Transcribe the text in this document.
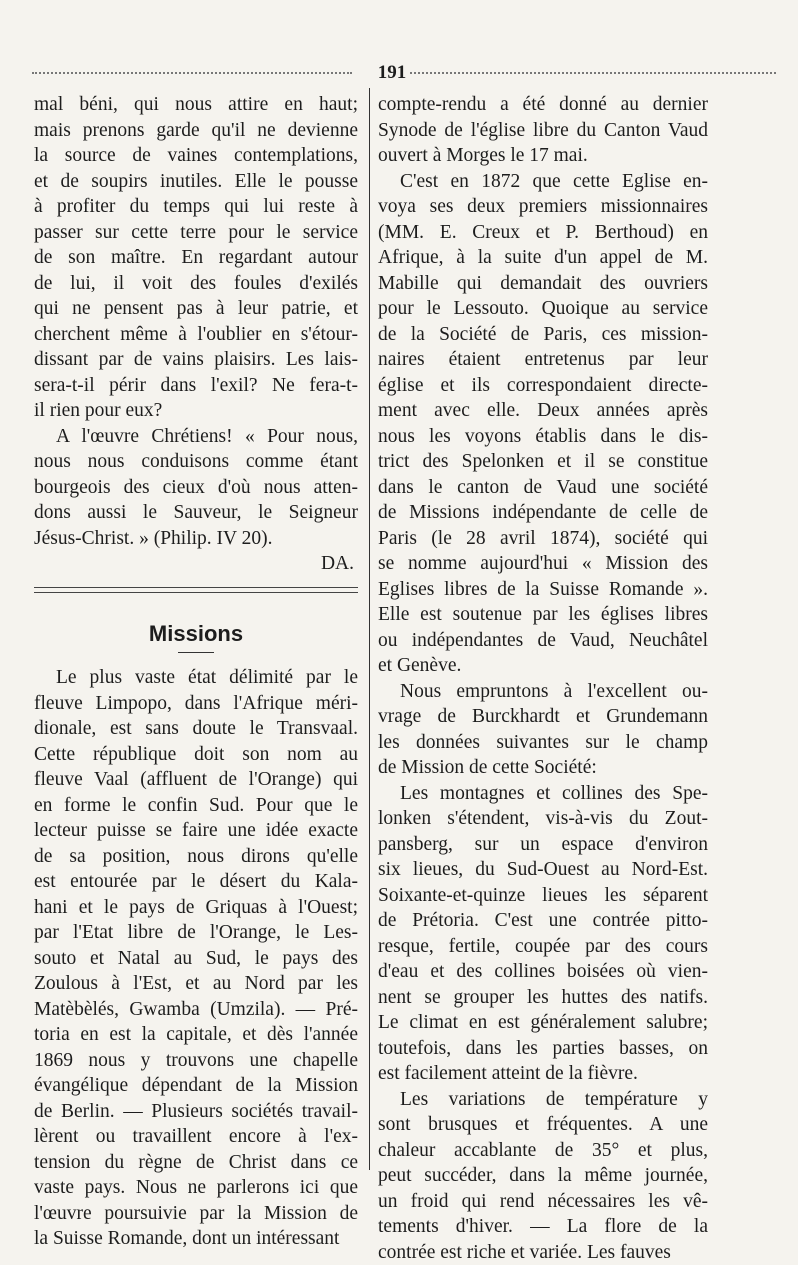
191

mal béni, qui nous attire en haut;
mais prenons garde qu'il ne devienne
la source de vaines contemplations,
et de soupirs inutiles. Elle le pousse
à profiter du temps qui lui reste à
passer sur cette terre pour le service
de son maître. En regardant autour
de lui, il voit des foules d'exilés
qui ne pensent pas à leur patrie, et
cherchent même à l'oublier en s'étour-
dissant par de vains plaisirs. Les lais-
sera-t-il périr dans l'exil? Ne fera-t-
il rien pour eux?

A l'œuvre Chrétiens! « Pour nous,
nous nous conduisons comme étant
bourgeois des cieux d'où nous atten-
dons aussi le Sauveur, le Seigneur
Jésus-Christ. » (Philip. IV 20).

DA.
Missions

Le plus vaste état délimité par le
fleuve Limpopo, dans l'Afrique méri-
dionale, est sans doute le Transvaal.
Cette république doit son nom au
fleuve Vaal (affluent de l'Orange) qui
en forme le confin Sud. Pour que le
lecteur puisse se faire une idée exacte
de sa position, nous dirons qu'elle
est entourée par le désert du Kala-
hani et le pays de Griquas à l'Ouest;
par l'Etat libre de l'Orange, le Les-
souto et Natal au Sud, le pays des
Zoulous à l'Est, et au Nord par les
Matèbèlés, Gwamba (Umzila). — Pré-
toria en est la capitale, et dès l'année
1869 nous y trouvons une chapelle
évangélique dépendant de la Mission
de Berlin. — Plusieurs sociétés travail-
lèrent ou travaillent encore à l'ex-
tension du règne de Christ dans ce
vaste pays. Nous ne parlerons ici que
l'œuvre poursuivie par la Mission de
la Suisse Romande, dont un intéressant

compte-rendu a été donné au dernier
Synode de l'église libre du Canton Vaud
ouvert à Morges le 17 mai.

C'est en 1872 que cette Eglise en-
voya ses deux premiers missionnaires
(MM. E. Creux et P. Berthoud) en
Afrique, à la suite d'un appel de M.
Mabille qui demandait des ouvriers
pour le Lessouto. Quoique au service
de la Société de Paris, ces mission-
naires étaient entretenus par leur
église et ils correspondaient directe-
ment avec elle. Deux années après
nous les voyons établis dans le dis-
trict des Spelonken et il se constitue
dans le canton de Vaud une société
de Missions indépendante de celle de
Paris (le 28 avril 1874), société qui
se nomme aujourd'hui « Mission des
Eglises libres de la Suisse Romande ».
Elle est soutenue par les églises libres
ou indépendantes de Vaud, Neuchâtel
et Genève.

Nous empruntons à l'excellent ou-
vrage de Burckhardt et Grundemann
les données suivantes sur le champ
de Mission de cette Société:

Les montagnes et collines des Spe-
lonken s'étendent, vis-à-vis du Zout-
pansberg, sur un espace d'environ
six lieues, du Sud-Ouest au Nord-Est.
Soixante-et-quinze lieues les séparent
de Prétoria. C'est une contrée pitto-
resque, fertile, coupée par des cours
d'eau et des collines boisées où vien-
nent se grouper les huttes des natifs.
Le climat en est généralement salubre;
toutefois, dans les parties basses, on
est facilement atteint de la fièvre.

Les variations de température y
sont brusques et fréquentes. A une
chaleur accablante de 35° et plus,
peut succéder, dans la même journée,
un froid qui rend nécessaires les vê-
tements d'hiver. — La flore de la
contrée est riche et variée. Les fauves
